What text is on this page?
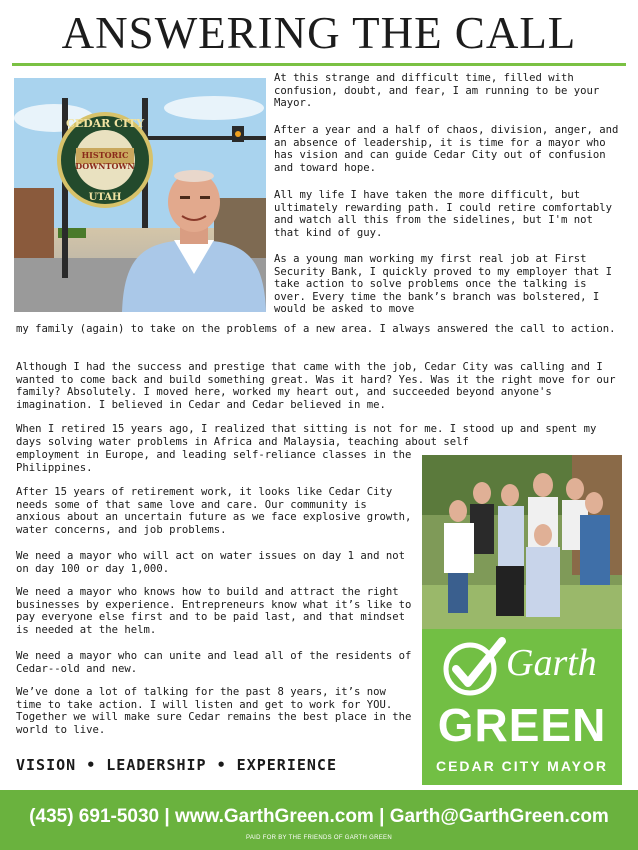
ANSWERING THE CALL
CEDAR CITY
HISTORIC
DOWNTOWN
UTAH

At this strange and difficult time, filled with confusion, doubt, and fear, I am running to be your Mayor.

After a year and a half of chaos, division, anger, and an absence of leadership, it is time for a mayor who has vision and can guide Cedar City out of confusion and toward hope.

All my life I have taken the more difficult, but ultimately rewarding path. I could retire comfortably and watch all this from the sidelines, but I'm not that kind of guy.

As a young man working my first real job at First Security Bank, I quickly proved to my employer that I take action to solve problems once the talking is over. Every time the bank’s branch was bolstered, I would be asked to move

my family (again) to take on the problems of a new area. I always answered the call to action.

Although I had the success and prestige that came with the job, Cedar City was calling and I wanted to come back and build something great. Was it hard? Yes. Was it the right move for our family? Absolutely. I moved here, worked my heart out, and succeeded beyond anyone's imagination. I believed in Cedar and Cedar believed in me.

When I retired 15 years ago, I realized that sitting is not for me. I stood up and spent my days solving water problems in Africa and Malaysia, teaching about self

employment in Europe, and leading self-reliance classes in the Philippines.

After 15 years of retirement work, it looks like Cedar City needs some of that same love and care. Our community is anxious about an uncertain future as we face explosive growth, water concerns, and job problems.

We need a mayor who will act on water issues on day 1 and not on day 100 or day 1,000.

We need a mayor who knows how to build and attract the right businesses by experience. Entrepreneurs know what it’s like to pay everyone else first and to be paid last, and that mindset is needed at the helm.

We need a mayor who can unite and lead all of the residents of Cedar--old and new.

We’ve done a lot of talking for the past 8 years, it’s now time to take action. I will listen and get to work for YOU. Together we will make sure Cedar remains the best place in the world to live.

VISION • LEADERSHIP • EXPERIENCE
Garth
GREEN
CEDAR CITY MAYOR
(435) 691-5030 | www.GarthGreen.com | Garth@GarthGreen.com
PAID FOR BY THE FRIENDS OF GARTH GREEN
